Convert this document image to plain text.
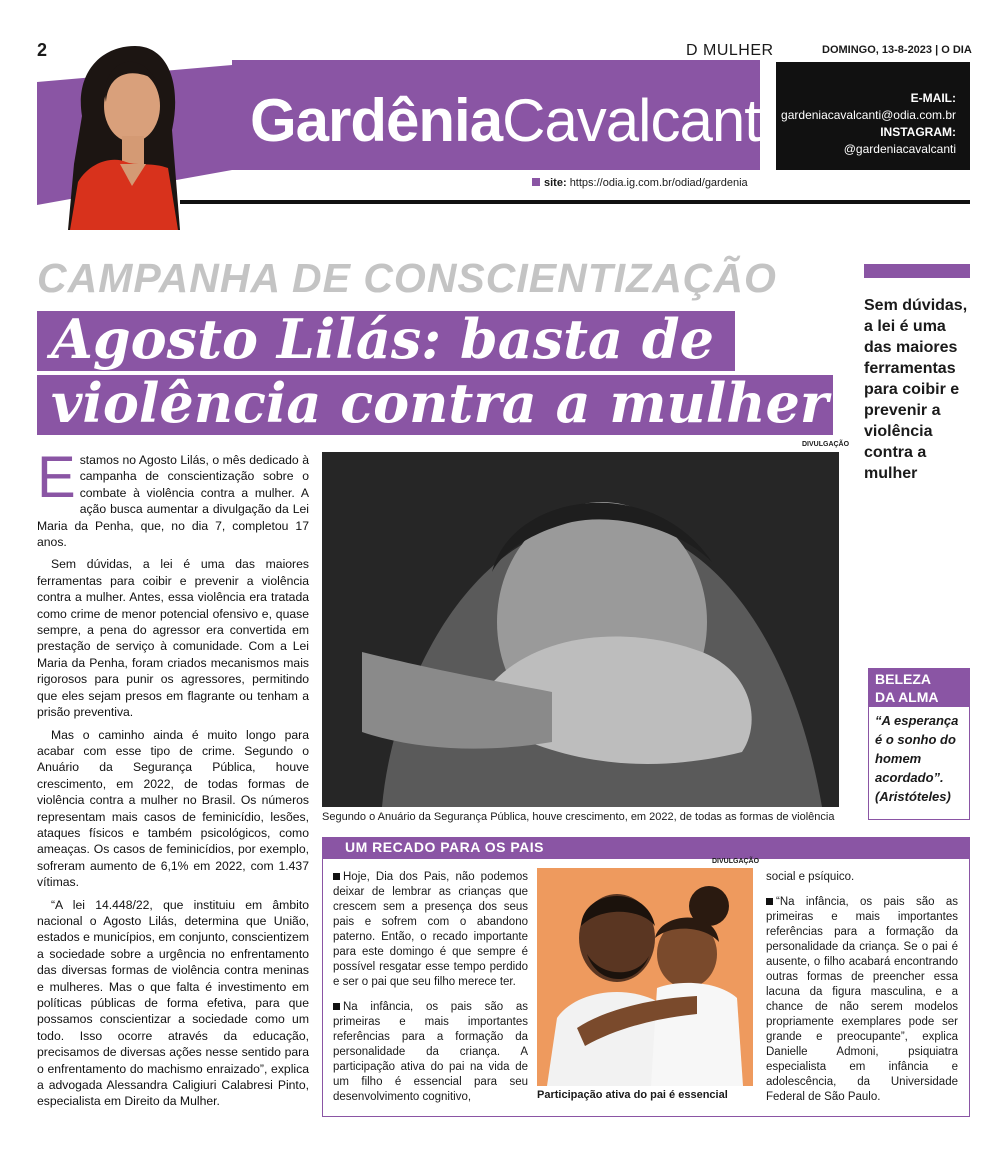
2	D MULHER	DOMINGO, 13-8-2023 | O DIA
GardêniaCavalcanti	E-MAIL:
gardeniacavalcanti@odia.com.br
INSTAGRAM:
@gardeniacavalcanti
site: https://odia.ig.com.br/odiad/gardenia
CAMPANHA DE CONSCIENTIZAÇÃO
Agosto Lilás: basta de
violência contra a mulher
Sem dúvidas, a lei é uma das maiores ferramentas para coibir e prevenir a violência contra a mulher

Estamos no Agosto Lilás, o mês dedicado à campanha de conscientização sobre o combate à violência contra a mulher. A ação busca aumentar a divulgação da Lei Maria da Penha, que, no dia 7, completou 17 anos.

Sem dúvidas, a lei é uma das maiores ferramentas para coibir e prevenir a violência contra a mulher. Antes, essa violência era tratada como crime de menor potencial ofensivo e, quase sempre, a pena do agressor era convertida em prestação de serviço à comunidade. Com a Lei Maria da Penha, foram criados mecanismos mais rigorosos para punir os agressores, permitindo que eles sejam presos em flagrante ou tenham a prisão preventiva.

Mas o caminho ainda é muito longo para acabar com esse tipo de crime. Segundo o Anuário da Segurança Pública, houve crescimento, em 2022, de todas formas de violência contra a mulher no Brasil. Os números representam mais casos de feminicídio, lesões, ataques físicos e também psicológicos, como ameaças. Os casos de feminicídios, por exemplo, sofreram aumento de 6,1% em 2022, com 1.437 vítimas.

“A lei 14.448/22, que instituiu em âmbito nacional o Agosto Lilás, determina que União, estados e municípios, em conjunto, conscientizem a sociedade sobre a urgência no enfrentamento das diversas formas de violência contra meninas e mulheres. Mas o que falta é investimento em políticas públicas de forma efetiva, para que possamos conscientizar a sociedade como um todo. Isso ocorre através da educação, precisamos de diversas ações nesse sentido para o enfrentamento do machismo enraizado”, explica a advogada Alessandra Caligiuri Calabresi Pinto, especialista em Direito da Mulher.

DIVULGAÇÃO
Segundo o Anuário da Segurança Pública, houve crescimento, em 2022, de todas as formas de violência
BELEZA
DA ALMA
“A esperança é o sonho do homem acordado”. (Aristóteles)
UM RECADO PARA OS PAIS

Hoje, Dia dos Pais, não podemos deixar de lembrar as crianças que crescem sem a presença dos seus pais e sofrem com o abandono paterno. Então, o recado importante para este domingo é que sempre é possível resgatar esse tempo perdido e ser o pai que seu filho merece ter.

Na infância, os pais são as primeiras e mais importantes referências para a formação da personalidade da criança. A participação ativa do pai na vida de um filho é essencial para seu desenvolvimento cognitivo,

DIVULGAÇÃO
Participação ativa do pai é essencial

social e psíquico.

“Na infância, os pais são as primeiras e mais importantes referências para a formação da personalidade da criança. Se o pai é ausente, o filho acabará encontrando outras formas de preencher essa lacuna da figura masculina, e a chance de não serem modelos propriamente exemplares pode ser grande e preocupante”, explica Danielle Admoni, psiquiatra especialista em infância e adolescência, da Universidade Federal de São Paulo.
